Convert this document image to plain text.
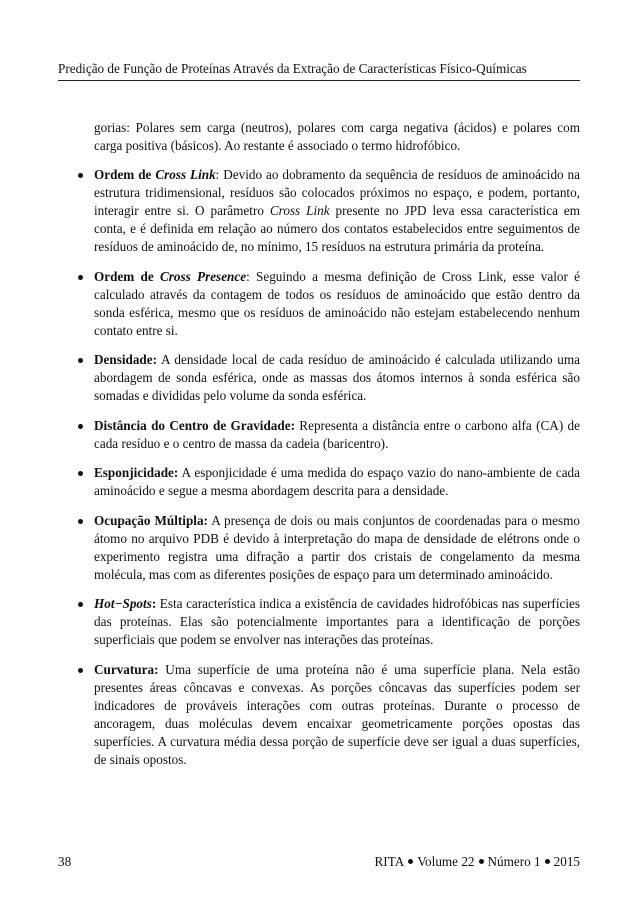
Predição de Função de Proteínas Através da Extração de Características Físico-Químicas

gorias: Polares sem carga (neutros), polares com carga negativa (ácidos) e polares com carga positiva (básicos). Ao restante é associado o termo hidrofóbico.

Ordem de Cross Link: Devido ao dobramento da sequência de resíduos de aminoácido na estrutura tridimensional, resíduos são colocados próximos no espaço, e podem, portanto, interagir entre si. O parâmetro Cross Link presente no JPD leva essa característica em conta, e é definida em relação ao número dos contatos estabelecidos entre seguimentos de resíduos de aminoácido de, no mínimo, 15 resíduos na estrutura primária da proteína.
Ordem de Cross Presence: Seguindo a mesma definição de Cross Link, esse valor é calculado através da contagem de todos os resíduos de aminoácido que estão dentro da sonda esférica, mesmo que os resíduos de aminoácido não estejam estabelecendo nenhum contato entre si.
Densidade: A densidade local de cada resíduo de aminoácido é calculada utilizando uma abordagem de sonda esférica, onde as massas dos átomos internos à sonda esférica são somadas e divididas pelo volume da sonda esférica.
Distância do Centro de Gravidade: Representa a distância entre o carbono alfa (CA) de cada resíduo e o centro de massa da cadeia (baricentro).
Esponjicidade: A esponjicidade é uma medida do espaço vazio do nano-ambiente de cada aminoácido e segue a mesma abordagem descrita para a densidade.
Ocupação Múltipla: A presença de dois ou mais conjuntos de coordenadas para o mesmo átomo no arquivo PDB é devido à interpretação do mapa de densidade de elétrons onde o experimento registra uma difração a partir dos cristais de congelamento da mesma molécula, mas com as diferentes posições de espaço para um determinado aminoácido.
Hot−Spots: Esta característica indica a existência de cavidades hidrofóbicas nas superfícies das proteínas. Elas são potencialmente importantes para a identificação de porções superficiais que podem se envolver nas interações das proteínas.
Curvatura: Uma superfície de uma proteína não é uma superfície plana. Nela estão presentes áreas côncavas e convexas. As porções côncavas das superfícies podem ser indicadores de prováveis interações com outras proteínas. Durante o processo de ancoragem, duas moléculas devem encaixar geometricamente porções opostas das superfícies. A curvatura média dessa porção de superfície deve ser igual a duas superfícies, de sinais opostos.
38	RITA Volume 22 Número 1 2015
